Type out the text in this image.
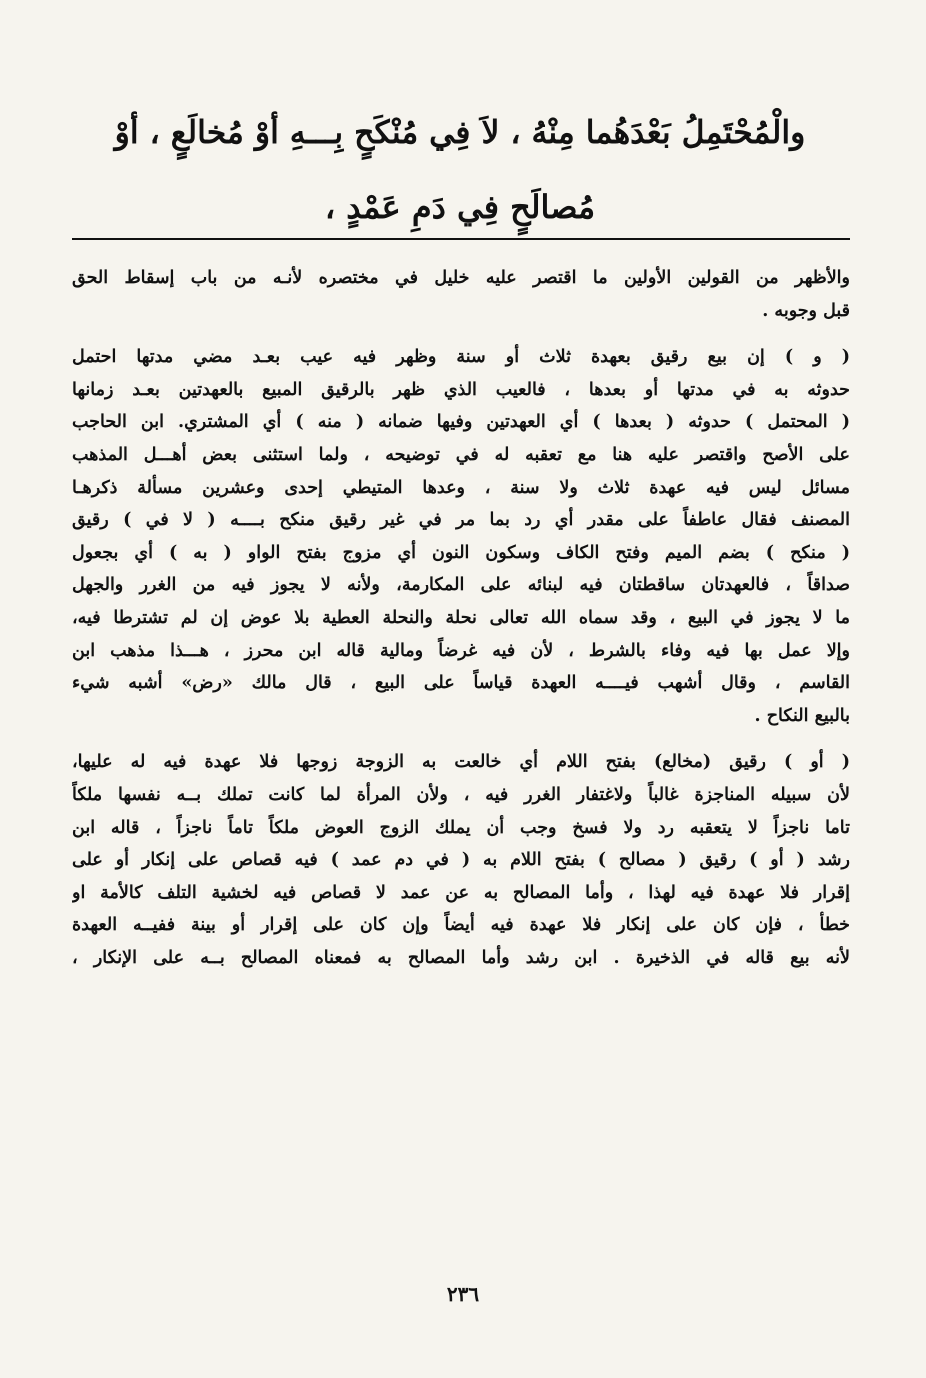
والْمُحْتَمِلُ بَعْدَهُما مِنْهُ ، لاَ فِي مُنْكَحٍ بِـــهِ أوْ مُخالَعٍ ، أوْ
مُصالَحٍ فِي دَمِ عَمْدٍ ،
والأظهر من القولين الأولين ما اقتصر عليه خليل في مختصره لأنـه من باب إسقاط الحق
قبل وجوبه .
( و ) إن بيع رقيق بعهدة ثلاث أو سنة وظهر فيه عيب بعـد مضي مدتها احتمل
حدوثه به في مدتها أو بعدها ، فالعيب الذي ظهر بالرقيق المبيع بالعهدتين بعـد زمانها
( المحتمل ) حدوثه ( بعدها ) أي العهدتين وفيها ضمانه ( منه ) أي المشتري. ابن الحاجب
على الأصح واقتصر عليه هنا مع تعقبه له في توضيحه ، ولما استثنى بعض أهـــل المذهب
مسائل ليس فيه عهدة ثلاث ولا سنة ، وعدها المتيطي إحدى وعشرين مسألة ذكرهـا
المصنف فقال عاطفاً على مقدر أي رد بما مر في غير رقيق منكح بــــه ( لا في ) رقيق
( منكح ) بضم الميم وفتح الكاف وسكون النون أي مزوج بفتح الواو ( به ) أي بجعول
صداقاً ، فالعهدتان ساقطتان فيه لبنائه على المكارمة، ولأنه لا يجوز فيه من الغرر والجهل
ما لا يجوز في البيع ، وقد سماه الله تعالى نحلة والنحلة العطية بلا عوض إن لم تشترطا فيه،
وإلا عمل بها فيه وفاء بالشرط ، لأن فيه غرضاً ومالية قاله ابن محرز ، هـــذا مذهب ابن
القاسم ، وقال أشهب فيــــه العهدة قياساً على البيع ، قال مالك «رض» أشبه شيء
بالبيع النكاح .
( أو ) رقيق (مخالع) بفتح اللام أي خالعت به الزوجة زوجها فلا عهدة فيه له عليها،
لأن سبيله المناجزة غالباً ولاغتفار الغرر فيه ، ولأن المرأة لما كانت تملك بــه نفسها ملكاً
تاما ناجزاً لا يتعقبه رد ولا فسخ وجب أن يملك الزوج العوض ملكاً تاماً ناجزاً ، قاله ابن
رشد ( أو ) رقيق ( مصالح ) بفتح اللام به ( في دم عمد ) فيه قصاص على إنكار أو على
إقرار فلا عهدة فيه لهذا ، وأما المصالح به عن عمد لا قصاص فيه لخشية التلف كالأمة او
خطأ ، فإن كان على إنكار فلا عهدة فيه أيضاً وإن كان على إقرار أو بينة ففيــه العهدة
لأنه بيع قاله في الذخيرة . ابن رشد وأما المصالح به فمعناه المصالح بــه على الإنكار ،
٢٣٦
